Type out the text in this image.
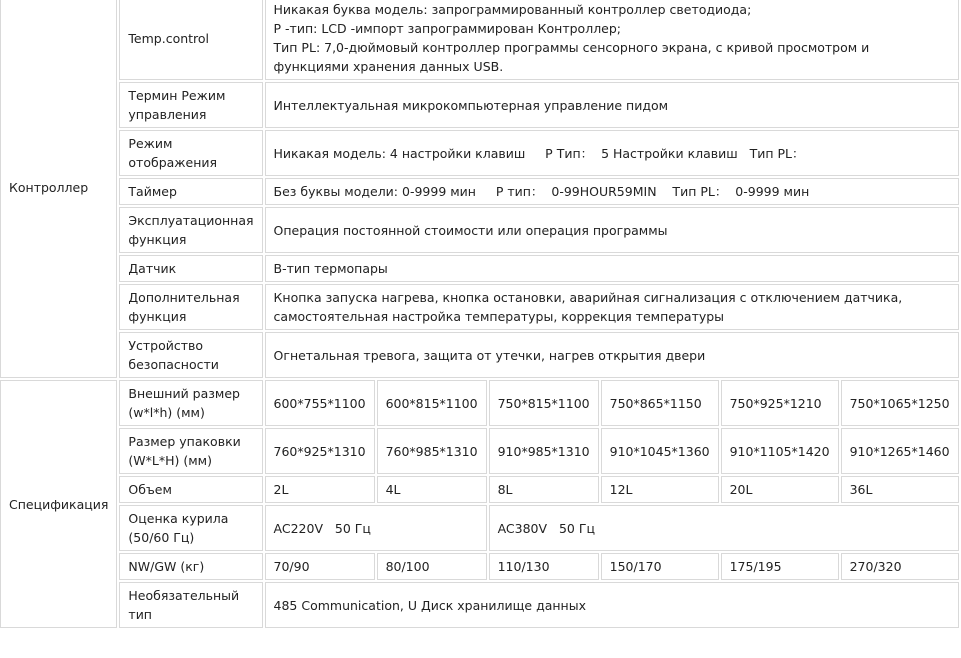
Контроллер	Temp.control	Никакая буква модель: запрограммированный контроллер светодиода;
P -тип: LCD -импорт запрограммирован Контроллер;
Тип PL: 7,0-дюймовый контроллер программы сенсорного экрана, с кривой просмотром и
функциями хранения данных USB.					

	Термин Режим управления	Интеллектуальная микрокомпьютерная управление пидом					
	Режим отображения	Никакая модель: 4 настройки клавиш     P Тип：  5 Настройки клавиш   Тип PL：					
	Таймер	Без буквы модели: 0-9999 мин     P тип：  0-99HOUR59MIN    Тип PL：  0-9999 мин					
	Эксплуатационная функция	Операция постоянной стоимости или операция программы					
	Датчик	B-тип термопары					
	Дополнительная функция	Кнопка запуска нагрева, кнопка остановки, аварийная сигнализация с отключением датчика,
самостоятельная настройка температуры, коррекция температуры					

	Устройство безопасности	Огнетальная тревога, защита от утечки, нагрев открытия двери					
Спецификация	Внешний размер (w*l*h) (мм)	600*755*1100	600*815*1100	750*815*1100	750*865*1150	750*925*1210	750*1065*1250
	Размер упаковки (W*L*H) (мм)	760*925*1310	760*985*1310	910*985*1310	910*1045*1360	910*1105*1420	910*1265*1460
	Объем	2L	4L	8L	12L	20L	36L
	Оценка курила (50/60 Гц)	AC220V   50 Гц		AC380V   50 Гц			
	NW/GW (кг)	70/90	80/100	110/130	150/170	175/195	270/320
	Необязательный тип	485 Communication, U Диск хранилище данных					
